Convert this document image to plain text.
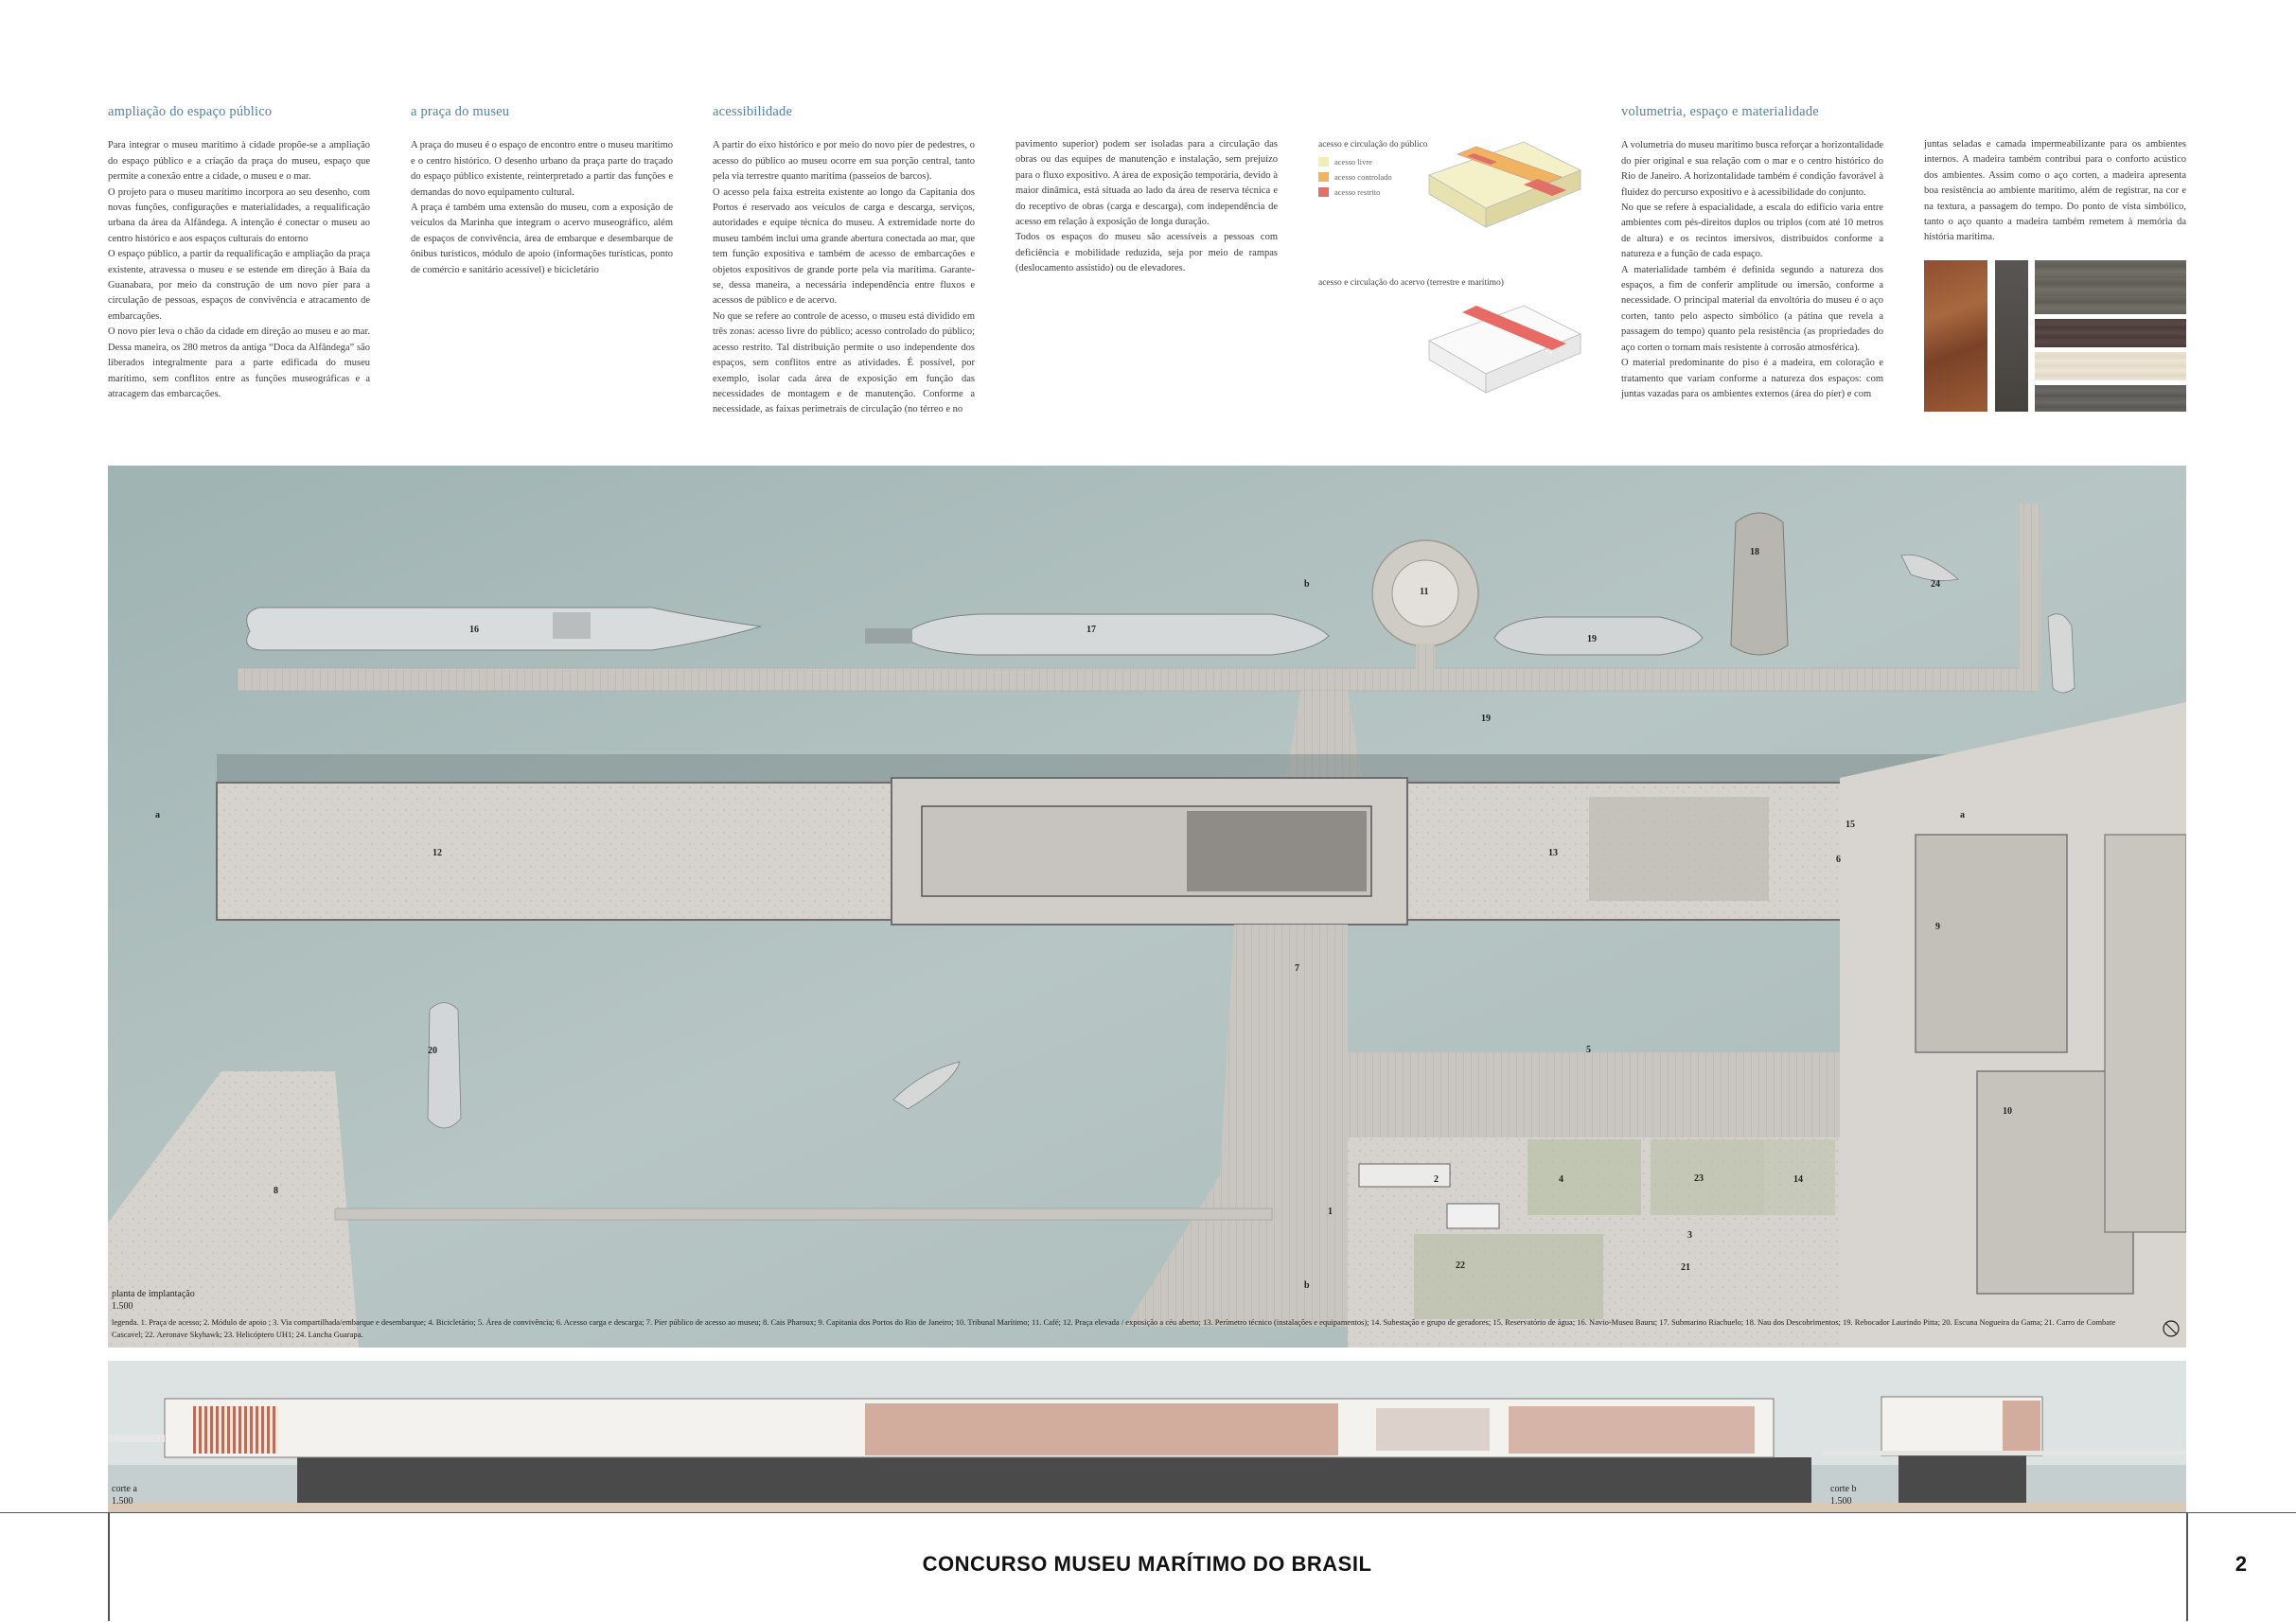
ampliação do espaço público

Para integrar o museu marítimo à cidade propõe-se a ampliação do espaço público e a criação da praça do museu, espaço que permite a conexão entre a cidade, o museu e o mar.

O projeto para o museu marítimo incorpora ao seu desenho, com novas funções, configurações e materialidades, a requalificação urbana da área da Alfândega. A intenção é conectar o museu ao centro histórico e aos espaços culturais do entorno

O espaço público, a partir da requalificação e ampliação da praça existente, atravessa o museu e se estende em direção à Baía da Guanabara, por meio da construção de um novo píer para a circulação de pessoas, espaços de convivência e atracamento de embarcações.

O novo píer leva o chão da cidade em direção ao museu e ao mar. Dessa maneira, os 280 metros da antiga “Doca da Alfândega” são liberados integralmente para a parte edificada do museu marítimo, sem conflitos entre as funções museográficas e a atracagem das embarcações.

a praça do museu

A praça do museu é o espaço de encontro entre o museu marítimo e o centro histórico. O desenho urbano da praça parte do traçado do espaço público existente, reinterpretado a partir das funções e demandas do novo equipamento cultural.

A praça é também uma extensão do museu, com a exposição de veículos da Marinha que integram o acervo museográfico, além de espaços de convivência, área de embarque e desembarque de ônibus turísticos, módulo de apoio (informações turísticas, ponto de comércio e sanitário acessível) e bicicletário

acessibilidade

A partir do eixo histórico e por meio do novo píer de pedestres, o acesso do público ao museu ocorre em sua porção central, tanto pela via terrestre quanto marítima (passeios de barcos).

O acesso pela faixa estreita existente ao longo da Capitania dos Portos é reservado aos veículos de carga e descarga, serviços, autoridades e equipe técnica do museu. A extremidade norte do museu também inclui uma grande abertura conectada ao mar, que tem função expositiva e também de acesso de embarcações e objetos expositivos de grande porte pela via marítima. Garante-se, dessa maneira, a necessária independência entre fluxos e acessos de público e de acervo.

No que se refere ao controle de acesso, o museu está dividido em três zonas: acesso livre do público; acesso controlado do público; acesso restrito. Tal distribuição permite o uso independente dos espaços, sem conflitos entre as atividades. É possível, por exemplo, isolar cada área de exposição em função das necessidades de montagem e de manutenção. Conforme a necessidade, as faixas perimetrais de circulação (no térreo e no

pavimento superior) podem ser isoladas para a circulação das obras ou das equipes de manutenção e instalação, sem prejuízo para o fluxo expositivo. A área de exposição temporária, devido à maior dinâmica, está situada ao lado da área de reserva técnica e do receptivo de obras (carga e descarga), com independência de acesso em relação à exposição de longa duração.

Todos os espaços do museu são acessíveis a pessoas com deficiência e mobilidade reduzida, seja por meio de rampas (deslocamento assistido) ou de elevadores.

volumetria, espaço e materialidade

A volumetria do museu marítimo busca reforçar a horizontalidade do píer original e sua relação com o mar e o centro histórico do Rio de Janeiro. A horizontalidade também é condição favorável à fluidez do percurso expositivo e à acessibilidade do conjunto.

No que se refere à espacialidade, a escala do edifício varia entre ambientes com pés-direitos duplos ou triplos (com até 10 metros de altura) e os recintos imersivos, distribuídos conforme a natureza e a função de cada espaço.

A materialidade também é definida segundo a natureza dos espaços, a fim de conferir amplitude ou imersão, conforme a necessidade. O principal material da envoltória do museu é o aço corten, tanto pelo aspecto simbólico (a pátina que revela a passagem do tempo) quanto pela resistência (as propriedades do aço corten o tornam mais resistente à corrosão atmosférica).

O material predominante do piso é a madeira, em coloração e tratamento que variam conforme a natureza dos espaços: com juntas vazadas para os ambientes externos (área do píer) e com

juntas seladas e camada impermeabilizante para os ambientes internos. A madeira também contribui para o conforto acústico dos ambientes. Assim como o aço corten, a madeira apresenta boa resistência ao ambiente marítimo, além de registrar, na cor e na textura, a passagem do tempo. Do ponto de vista simbólico, tanto o aço quanto a madeira também remetem à memória da história marítima.

acesso e circulação do público
acesso livre
acesso controlado
acesso restrito
acesso e circulação do acervo (terrestre e marítimo)
16	17
11
19
18
24
19
12	13
15
6
9
7
20	5
10
8
2	4	23	14
1
3
22	21
b
b
a	a
planta de implantação
1.500
legenda. 1. Praça de acesso; 2. Módulo de apoio ; 3. Via compartilhada/embarque e desembarque; 4. Bicicletário; 5. Área de convivência; 6. Acesso carga e descarga; 7. Píer público de acesso ao museu; 8. Cais Pharoux; 9. Capitania dos Portos do Rio de Janeiro; 10. Tribunal Marítimo; 11. Café; 12. Praça elevada / exposição a céu aberto; 13. Perímetro técnico (instalações e equipamentos); 14. Subestação e grupo de geradores; 15. Reservatório de água; 16. Navio-Museu Bauru; 17. Submarino Riachuelo; 18. Nau dos Descobrimentos; 19. Rebocador Laurindo Pitta; 20. Escuna Nogueira da Gama; 21. Carro de Combate Cascavel; 22. Aeronave Skyhawk; 23. Helicóptero UH1; 24. Lancha Guarapa.
corte a
1.500
corte b
1.500
CONCURSO MUSEU MARÍTIMO DO BRASIL	2
